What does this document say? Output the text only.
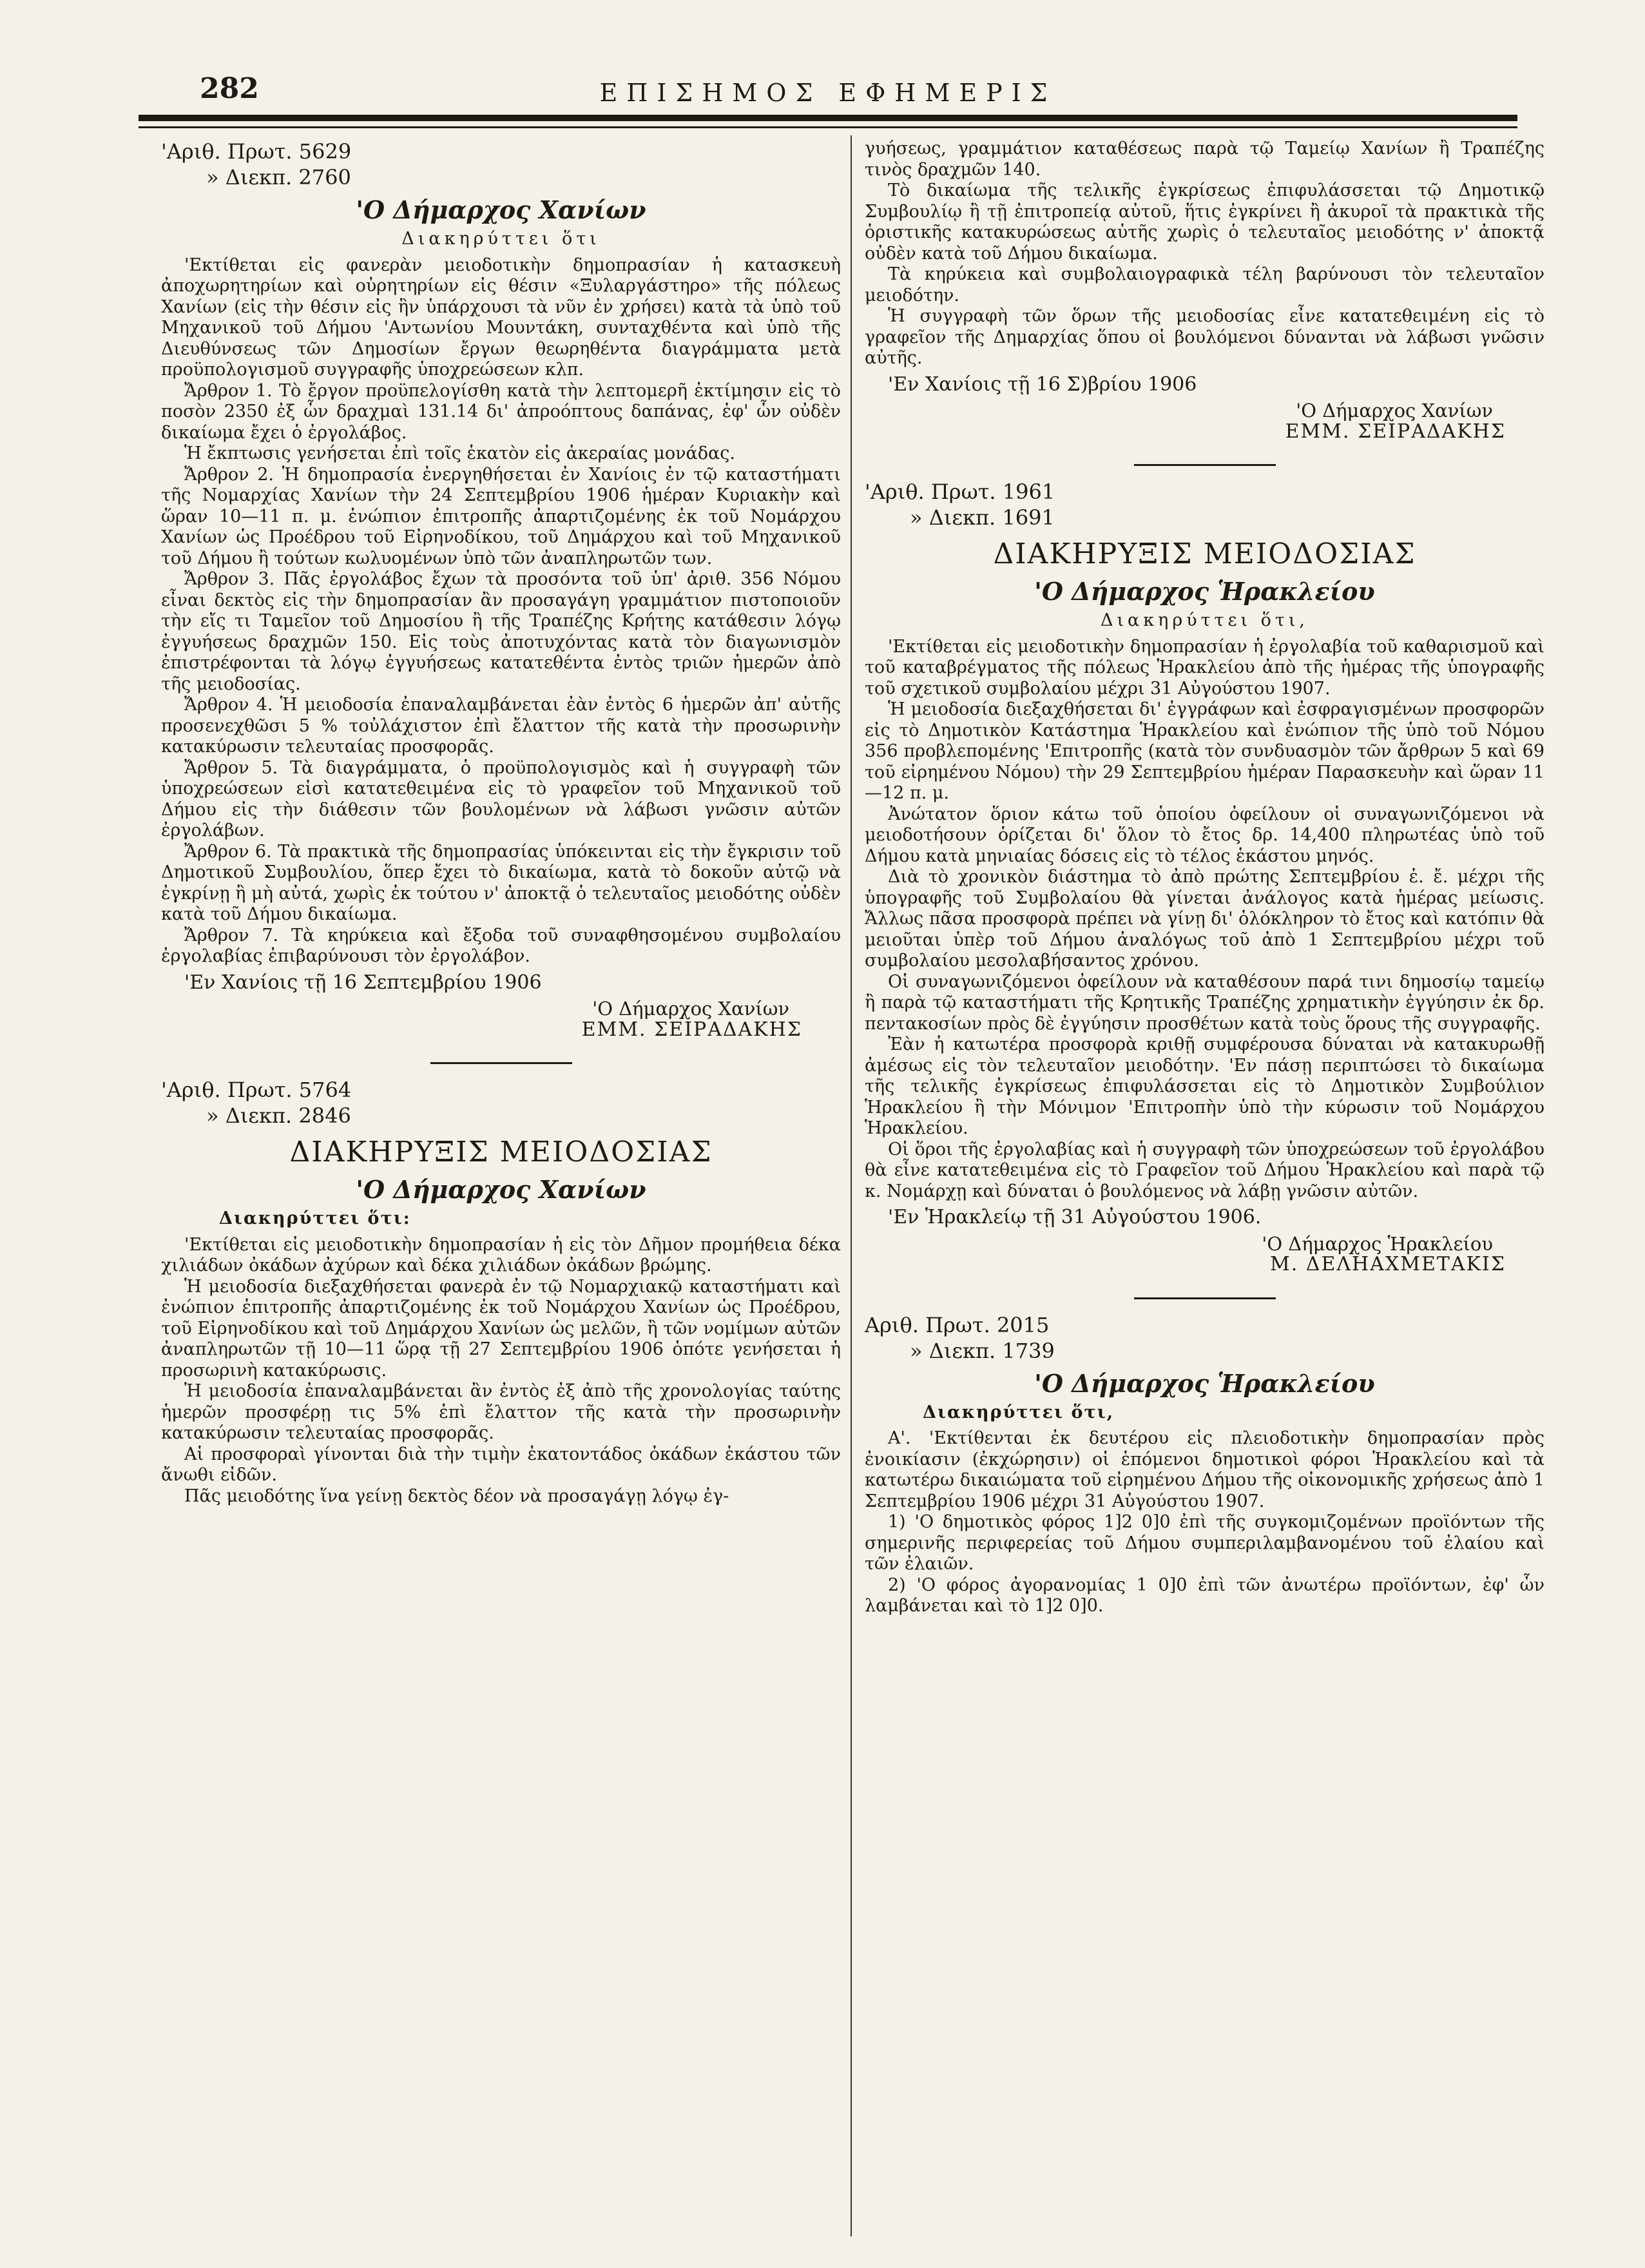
282	ΕΠΙΣΗΜΟΣ ΕΦΗΜΕΡΙΣ
'Αριθ. Πρωτ. 5629
» Διεκπ. 2760
'Ο Δήμαρχος Χανίων
Διακηρύττει ὅτι

'Εκτίθεται εἰς φανερὰν μειοδοτικὴν δημοπρασίαν ἡ κατασκευὴ ἀποχωρητηρίων καὶ οὐρητηρίων εἰς θέσιν «Ξυλαργάστηρο» τῆς πόλεως Χανίων (εἰς τὴν θέσιν εἰς ἣν ὑπάρχουσι τὰ νῦν ἐν χρήσει) κατὰ τὰ ὑπὸ τοῦ Μηχανικοῦ τοῦ Δήμου 'Αντωνίου Μουντάκη, συνταχθέντα καὶ ὑπὸ τῆς Διευθύνσεως τῶν Δημοσίων ἔργων θεωρηθέντα διαγράμματα μετὰ προϋπολογισμοῦ συγγραφῆς ὑποχρεώσεων κλπ.

Ἄρθρον 1. Τὸ ἔργον προϋπελογίσθη κατὰ τὴν λεπτομερῆ ἐκτίμησιν εἰς τὸ ποσὸν 2350 ἐξ ὧν δραχμαὶ 131.14 δι' ἀπροόπτους δαπάνας, ἐφ' ὧν οὐδὲν δικαίωμα ἔχει ὁ ἐργολάβος.

Ἡ ἔκπτωσις γενήσεται ἐπὶ τοῖς ἑκατὸν εἰς ἀκεραίας μονάδας.

Ἄρθρον 2. Ἡ δημοπρασία ἐνεργηθήσεται ἐν Χανίοις ἐν τῷ καταστήματι τῆς Νομαρχίας Χανίων τὴν 24 Σεπτεμβρίου 1906 ἡμέραν Κυριακὴν καὶ ὥραν 10—11 π. μ. ἐνώπιον ἐπιτροπῆς ἀπαρτιζομένης ἐκ τοῦ Νομάρχου Χανίων ὡς Προέδρου τοῦ Εἰρηνοδίκου, τοῦ Δημάρχου καὶ τοῦ Μηχανικοῦ τοῦ Δήμου ἢ τούτων κωλυομένων ὑπὸ τῶν ἀναπληρωτῶν των.

Ἄρθρον 3. Πᾶς ἐργολάβος ἔχων τὰ προσόντα τοῦ ὑπ' ἀριθ. 356 Νόμου εἶναι δεκτὸς εἰς τὴν δημοπρασίαν ἂν προσαγάγη γραμμάτιον πιστοποιοῦν τὴν εἴς τι Ταμεῖον τοῦ Δημοσίου ἢ τῆς Τραπέζης Κρήτης κατάθεσιν λόγῳ ἐγγυήσεως δραχμῶν 150. Εἰς τοὺς ἀποτυχόντας κατὰ τὸν διαγωνισμὸν ἐπιστρέφονται τὰ λόγῳ ἐγγυήσεως κατατεθέντα ἐντὸς τριῶν ἡμερῶν ἀπὸ τῆς μειοδοσίας.

Ἄρθρον 4. Ἡ μειοδοσία ἐπαναλαμβάνεται ἐὰν ἐντὸς 6 ἡμερῶν ἀπ' αὐτῆς προσενεχθῶσι 5 % τοὐλάχιστον ἐπὶ ἔλαττον τῆς κατὰ τὴν προσωρινὴν κατακύρωσιν τελευταίας προσφορᾶς.

Ἄρθρον 5. Τὰ διαγράμματα, ὁ προϋπολογισμὸς καὶ ἡ συγγραφὴ τῶν ὑποχρεώσεων εἰσὶ κατατεθειμένα εἰς τὸ γραφεῖον τοῦ Μηχανικοῦ τοῦ Δήμου εἰς τὴν διάθεσιν τῶν βουλομένων νὰ λάβωσι γνῶσιν αὐτῶν ἐργολάβων.

Ἄρθρον 6. Τὰ πρακτικὰ τῆς δημοπρασίας ὑπόκεινται εἰς τὴν ἔγκρισιν τοῦ Δημοτικοῦ Συμβουλίου, ὅπερ ἔχει τὸ δικαίωμα, κατὰ τὸ δοκοῦν αὐτῷ νὰ ἐγκρίνῃ ἢ μὴ αὐτά, χωρὶς ἐκ τούτου ν' ἀποκτᾷ ὁ τελευταῖος μειοδότης οὐδὲν κατὰ τοῦ Δήμου δικαίωμα.

Ἄρθρον 7. Τὰ κηρύκεια καὶ ἔξοδα τοῦ συναφθησομένου συμβολαίου ἐργολαβίας ἐπιβαρύνουσι τὸν ἐργολάβον.

'Εν Χανίοις τῇ 16 Σεπτεμβρίου 1906
'Ο Δήμαρχος Χανίων
ΕΜΜ. ΣΕΙΡΑΔΑΚΗΣ
'Αριθ. Πρωτ. 5764
» Διεκπ. 2846
ΔΙΑΚΗΡΥΞΙΣ ΜΕΙΟΔΟΣΙΑΣ
'Ο Δήμαρχος Χανίων
Διακηρύττει ὅτι:

'Εκτίθεται εἰς μειοδοτικὴν δημοπρασίαν ἡ εἰς τὸν Δῆμον προμήθεια δέκα χιλιάδων ὀκάδων ἀχύρων καὶ δέκα χιλιάδων ὀκάδων βρώμης.

Ἡ μειοδοσία διεξαχθήσεται φανερὰ ἐν τῷ Νομαρχιακῷ καταστήματι καὶ ἐνώπιον ἐπιτροπῆς ἀπαρτιζομένης ἐκ τοῦ Νομάρχου Χανίων ὡς Προέδρου, τοῦ Εἰρηνοδίκου καὶ τοῦ Δημάρχου Χανίων ὡς μελῶν, ἢ τῶν νομίμων αὐτῶν ἀναπληρωτῶν τῇ 10—11 ὥρᾳ τῇ 27 Σεπτεμβρίου 1906 ὁπότε γενήσεται ἡ προσωρινὴ κατακύρωσις.

Ἡ μειοδοσία ἐπαναλαμβάνεται ἂν ἐντὸς ἐξ ἀπὸ τῆς χρονολογίας ταύτης ἡμερῶν προσφέρῃ τις 5% ἐπὶ ἔλαττον τῆς κατὰ τὴν προσωρινὴν κατακύρωσιν τελευταίας προσφορᾶς.

Αἱ προσφοραὶ γίνονται διὰ τὴν τιμὴν ἑκατοντάδος ὀκάδων ἑκάστου τῶν ἄνωθι εἰδῶν.

Πᾶς μειοδότης ἵνα γείνῃ δεκτὸς δέον νὰ προσαγάγῃ λόγῳ ἐγ-

γυήσεως, γραμμάτιον καταθέσεως παρὰ τῷ Ταμείῳ Χανίων ἢ Τραπέζης τινὸς δραχμῶν 140.

Τὸ δικαίωμα τῆς τελικῆς ἐγκρίσεως ἐπιφυλάσσεται τῷ Δημοτικῷ Συμβουλίῳ ἢ τῇ ἐπιτροπείᾳ αὐτοῦ, ἥτις ἐγκρίνει ἢ ἀκυροῖ τὰ πρακτικὰ τῆς ὁριστικῆς κατακυρώσεως αὐτῆς χωρὶς ὁ τελευταῖος μειοδότης ν' ἀποκτᾷ οὐδὲν κατὰ τοῦ Δήμου δικαίωμα.

Τὰ κηρύκεια καὶ συμβολαιογραφικὰ τέλη βαρύνουσι τὸν τελευταῖον μειοδότην.

Ἡ συγγραφὴ τῶν ὅρων τῆς μειοδοσίας εἶνε κατατεθειμένη εἰς τὸ γραφεῖον τῆς Δημαρχίας ὅπου οἱ βουλόμενοι δύνανται νὰ λάβωσι γνῶσιν αὐτῆς.

'Εν Χανίοις τῇ 16 Σ)βρίου 1906
'Ο Δήμαρχος Χανίων
ΕΜΜ. ΣΕΙΡΑΔΑΚΗΣ
'Αριθ. Πρωτ. 1961
» Διεκπ. 1691
ΔΙΑΚΗΡΥΞΙΣ ΜΕΙΟΔΟΣΙΑΣ
'Ο Δήμαρχος Ἡρακλείου
Διακηρύττει ὅτι,

'Εκτίθεται εἰς μειοδοτικὴν δημοπρασίαν ἡ ἐργολαβία τοῦ καθαρισμοῦ καὶ τοῦ καταβρέγματος τῆς πόλεως Ἡρακλείου ἀπὸ τῆς ἡμέρας τῆς ὑπογραφῆς τοῦ σχετικοῦ συμβολαίου μέχρι 31 Αὐγούστου 1907.

Ἡ μειοδοσία διεξαχθήσεται δι' ἐγγράφων καὶ ἐσφραγισμένων προσφορῶν εἰς τὸ Δημοτικὸν Κατάστημα Ἡρακλείου καὶ ἐνώπιον τῆς ὑπὸ τοῦ Νόμου 356 προβλεπομένης 'Επιτροπῆς (κατὰ τὸν συνδυασμὸν τῶν ἄρθρων 5 καὶ 69 τοῦ εἰρημένου Νόμου) τὴν 29 Σεπτεμβρίου ἡμέραν Παρασκευὴν καὶ ὥραν 11—12 π. μ.

Ἀνώτατον ὅριον κάτω τοῦ ὁποίου ὀφείλουν οἱ συναγωνιζόμενοι νὰ μειοδοτήσουν ὁρίζεται δι' ὅλον τὸ ἔτος δρ. 14,400 πληρωτέας ὑπὸ τοῦ Δήμου κατὰ μηνιαίας δόσεις εἰς τὸ τέλος ἑκάστου μηνός.

Διὰ τὸ χρονικὸν διάστημα τὸ ἀπὸ πρώτης Σεπτεμβρίου ἐ. ἔ. μέχρι τῆς ὑπογραφῆς τοῦ Συμβολαίου θὰ γίνεται ἀνάλογος κατὰ ἡμέρας μείωσις. Ἄλλως πᾶσα προσφορὰ πρέπει νὰ γίνῃ δι' ὁλόκληρον τὸ ἔτος καὶ κατόπιν θὰ μειοῦται ὑπὲρ τοῦ Δήμου ἀναλόγως τοῦ ἀπὸ 1 Σεπτεμβρίου μέχρι τοῦ συμβολαίου μεσολαβήσαντος χρόνου.

Οἱ συναγωνιζόμενοι ὀφείλουν νὰ καταθέσουν παρά τινι δημοσίῳ ταμείῳ ἢ παρὰ τῷ καταστήματι τῆς Κρητικῆς Τραπέζης χρηματικὴν ἐγγύησιν ἐκ δρ. πεντακοσίων πρὸς δὲ ἐγγύησιν προσθέτων κατὰ τοὺς ὅρους τῆς συγγραφῆς.

Ἐὰν ἡ κατωτέρα προσφορὰ κριθῇ συμφέρουσα δύναται νὰ κατακυρωθῇ ἀμέσως εἰς τὸν τελευταῖον μειοδότην. 'Εν πάσῃ περιπτώσει τὸ δικαίωμα τῆς τελικῆς ἐγκρίσεως ἐπιφυλάσσεται εἰς τὸ Δημοτικὸν Συμβούλιον Ἡρακλείου ἢ τὴν Μόνιμον 'Επιτροπὴν ὑπὸ τὴν κύρωσιν τοῦ Νομάρχου Ἡρακλείου.

Οἱ ὅροι τῆς ἐργολαβίας καὶ ἡ συγγραφὴ τῶν ὑποχρεώσεων τοῦ ἐργολάβου θὰ εἶνε κατατεθειμένα εἰς τὸ Γραφεῖον τοῦ Δήμου Ἡρακλείου καὶ παρὰ τῷ κ. Νομάρχῃ καὶ δύναται ὁ βουλόμενος νὰ λάβῃ γνῶσιν αὐτῶν.

'Εν Ἡρακλείῳ τῇ 31 Αὐγούστου 1906.
'Ο Δήμαρχος Ἡρακλείου
Μ. ΔΕΛΗΑΧΜΕΤΑΚΙΣ
Αριθ. Πρωτ. 2015
» Διεκπ. 1739
'Ο Δήμαρχος Ἡρακλείου
Διακηρύττει ὅτι,

Α'. 'Εκτίθενται ἐκ δευτέρου εἰς πλειοδοτικὴν δημοπρασίαν πρὸς ἐνοικίασιν (ἐκχώρησιν) οἱ ἑπόμενοι δημοτικοὶ φόροι Ἡρακλείου καὶ τὰ κατωτέρω δικαιώματα τοῦ εἰρημένου Δήμου τῆς οἰκονομικῆς χρήσεως ἀπὸ 1 Σεπτεμβρίου 1906 μέχρι 31 Αὐγούστου 1907.

1) 'Ο δημοτικὸς φόρος 1]2 0]0 ἐπὶ τῆς συγκομιζομένων προϊόντων τῆς σημερινῆς περιφερείας τοῦ Δήμου συμπεριλαμβανομένου τοῦ ἐλαίου καὶ τῶν ἐλαιῶν.

2) 'Ο φόρος ἀγορανομίας 1 0]0 ἐπὶ τῶν ἀνωτέρω προϊόντων, ἐφ' ὧν λαμβάνεται καὶ τὸ 1]2 0]0.
